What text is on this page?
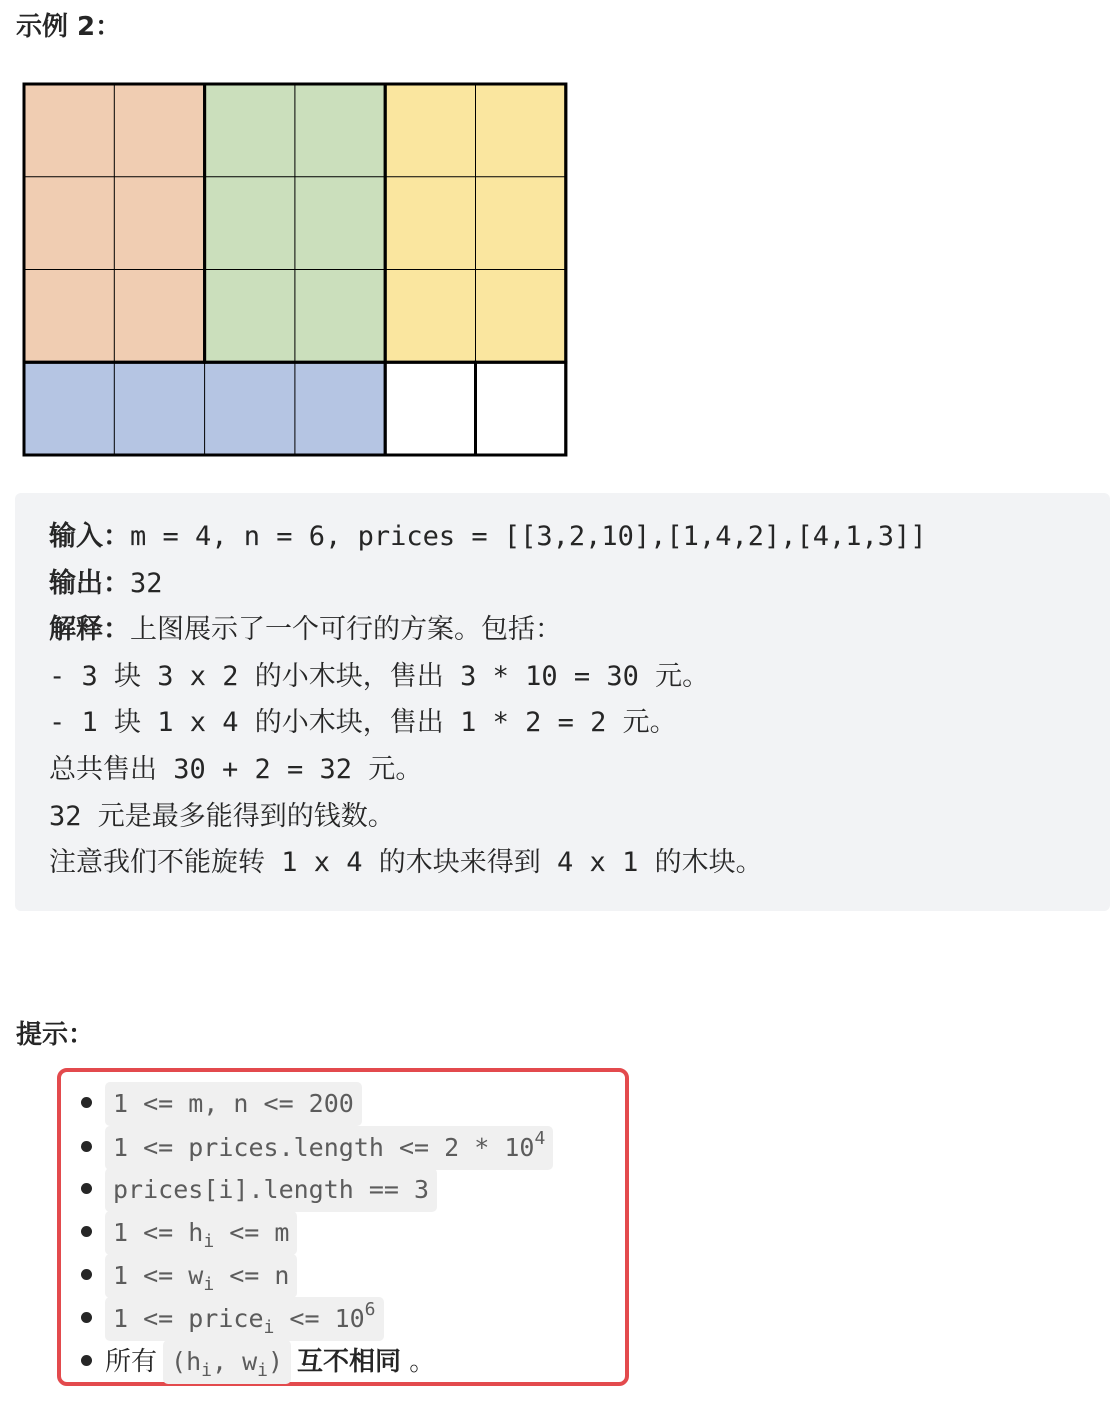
示例 2：
输入：m = 4, n = 6, prices = [[3,2,10],[1,4,2],[4,1,3]]
输出：32
解释：上图展示了一个可行的方案。包括：
- 3 块 3 x 2 的小木块，售出 3 * 10 = 30 元。
- 1 块 1 x 4 的小木块，售出 1 * 2 = 2 元。
总共售出 30 + 2 = 32 元。
32 元是最多能得到的钱数。
注意我们不能旋转 1 x 4 的木块来得到 4 x 1 的木块。
提示：
1 <= m, n <= 200
1 <= prices.length <= $2 * 10^4$
prices[i].length == 3
$1 <= h_i <= m$
$1 <= w_i <= n$
1 <= price$_i$ <= $10^6$
所有 ($h_i$, $w_i$) 互不相同 。
